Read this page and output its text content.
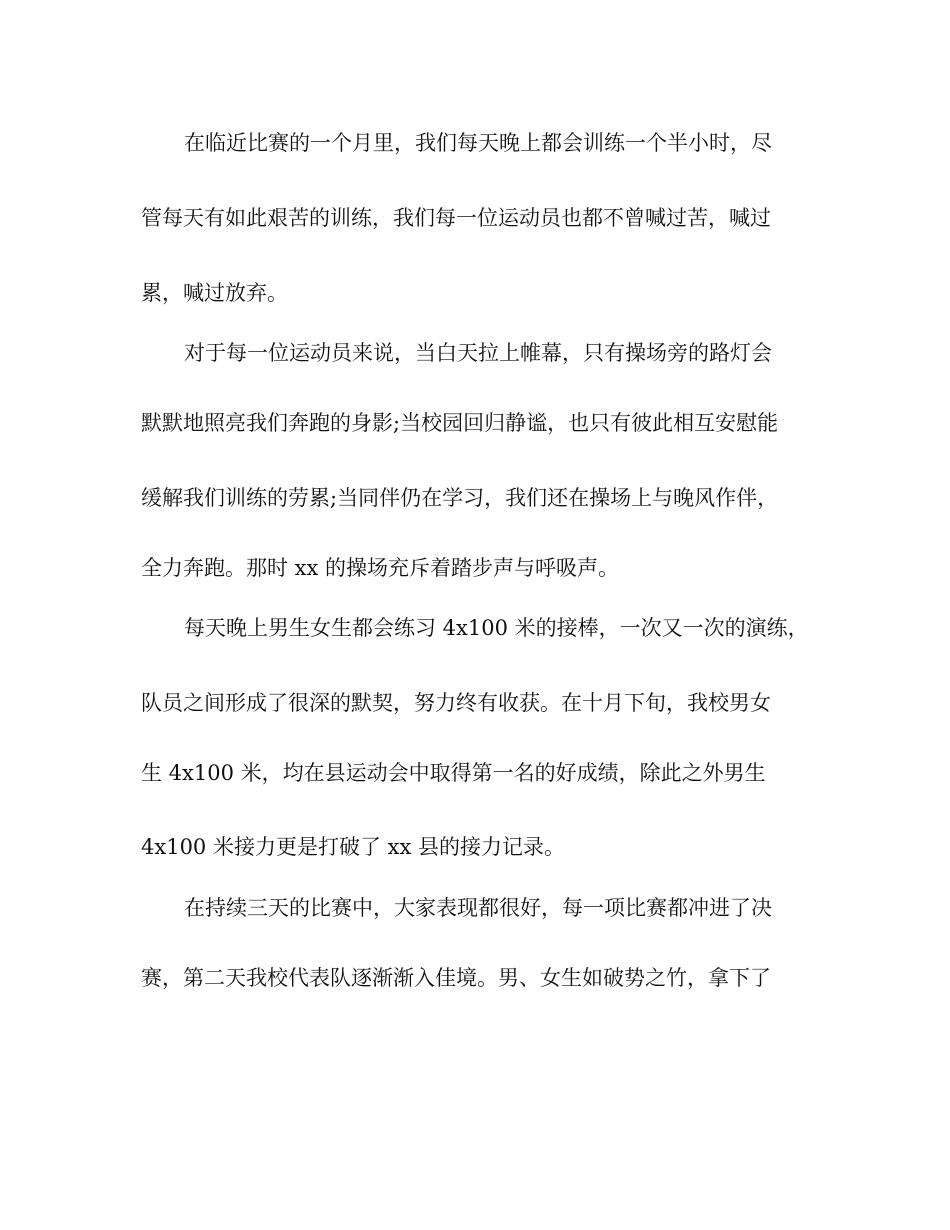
在临近比赛的一个月里，我们每天晚上都会训练一个半小时，尽

管每天有如此艰苦的训练，我们每一位运动员也都不曾喊过苦，喊过

累，喊过放弃。

对于每一位运动员来说，当白天拉上帷幕，只有操场旁的路灯会

默默地照亮我们奔跑的身影;当校园回归静谧，也只有彼此相互安慰能

缓解我们训练的劳累;当同伴仍在学习，我们还在操场上与晚风作伴，

全力奔跑。那时 xx 的操场充斥着踏步声与呼吸声。

每天晚上男生女生都会练习 4x100 米的接棒，一次又一次的演练，

队员之间形成了很深的默契，努力终有收获。在十月下旬，我校男女

生 4x100 米，均在县运动会中取得第一名的好成绩，除此之外男生

4x100 米接力更是打破了 xx 县的接力记录。

在持续三天的比赛中，大家表现都很好，每一项比赛都冲进了决

赛，第二天我校代表队逐渐渐入佳境。男、女生如破势之竹，拿下了
